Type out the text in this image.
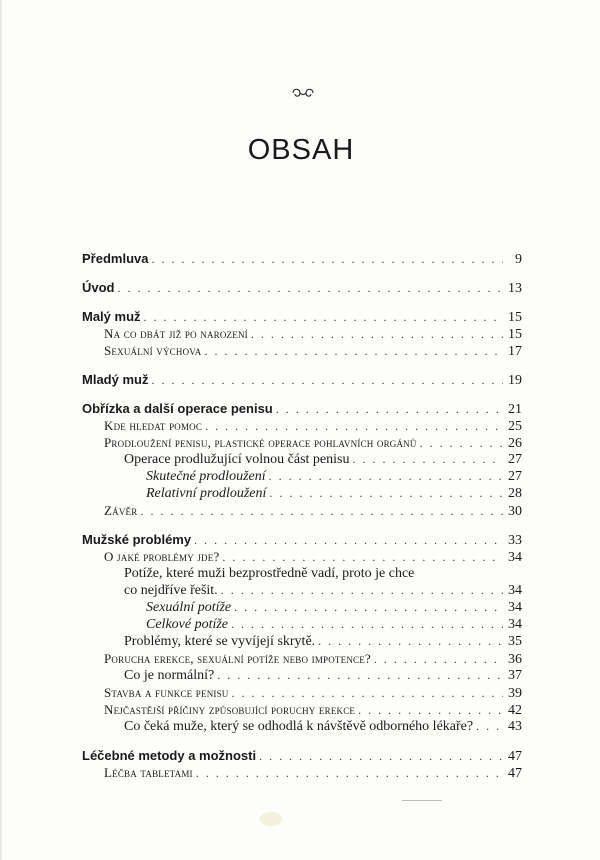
OBSAH
Předmluva . . .	9
Úvod . . .	13
Malý muž . . .	15
Na co dbát již po narození . . .	15
Sexuální výchova . . .	17
Mladý muž . . .	19
Obřízka a další operace penisu . . .	21
Kde hledat pomoc . . .	25
Prodloužení penisu, plastické operace pohlavních orgánů . . .	26
Operace prodlužující volnou část penisu . . .	27
Skutečné prodloužení . . .	27
Relativní prodloužení . . .	28
Závěr . . .	30
Mužské problémy . . .	33
O jaké problémy jde? . . .	34
Potíže, které muži bezprostředně vadí, proto je chce
co nejdříve řešit. . . .	34
Sexuální potíže . . .	34
Celkové potíže . . .	34
Problémy, které se vyvíjejí skrytě. . . .	35
Porucha erekce, sexuální potíže nebo impotence? . . .	36
Co je normální? . . .	37
Stavba a funkce penisu . . .	39
Nejčastější příčiny způsobující poruchy erekce . . .	42
Co čeká muže, který se odhodlá k návštěvě odborného lékaře? . . .	43
Léčebné metody a možnosti . . .	47
Léčba tabletami . . .	47
